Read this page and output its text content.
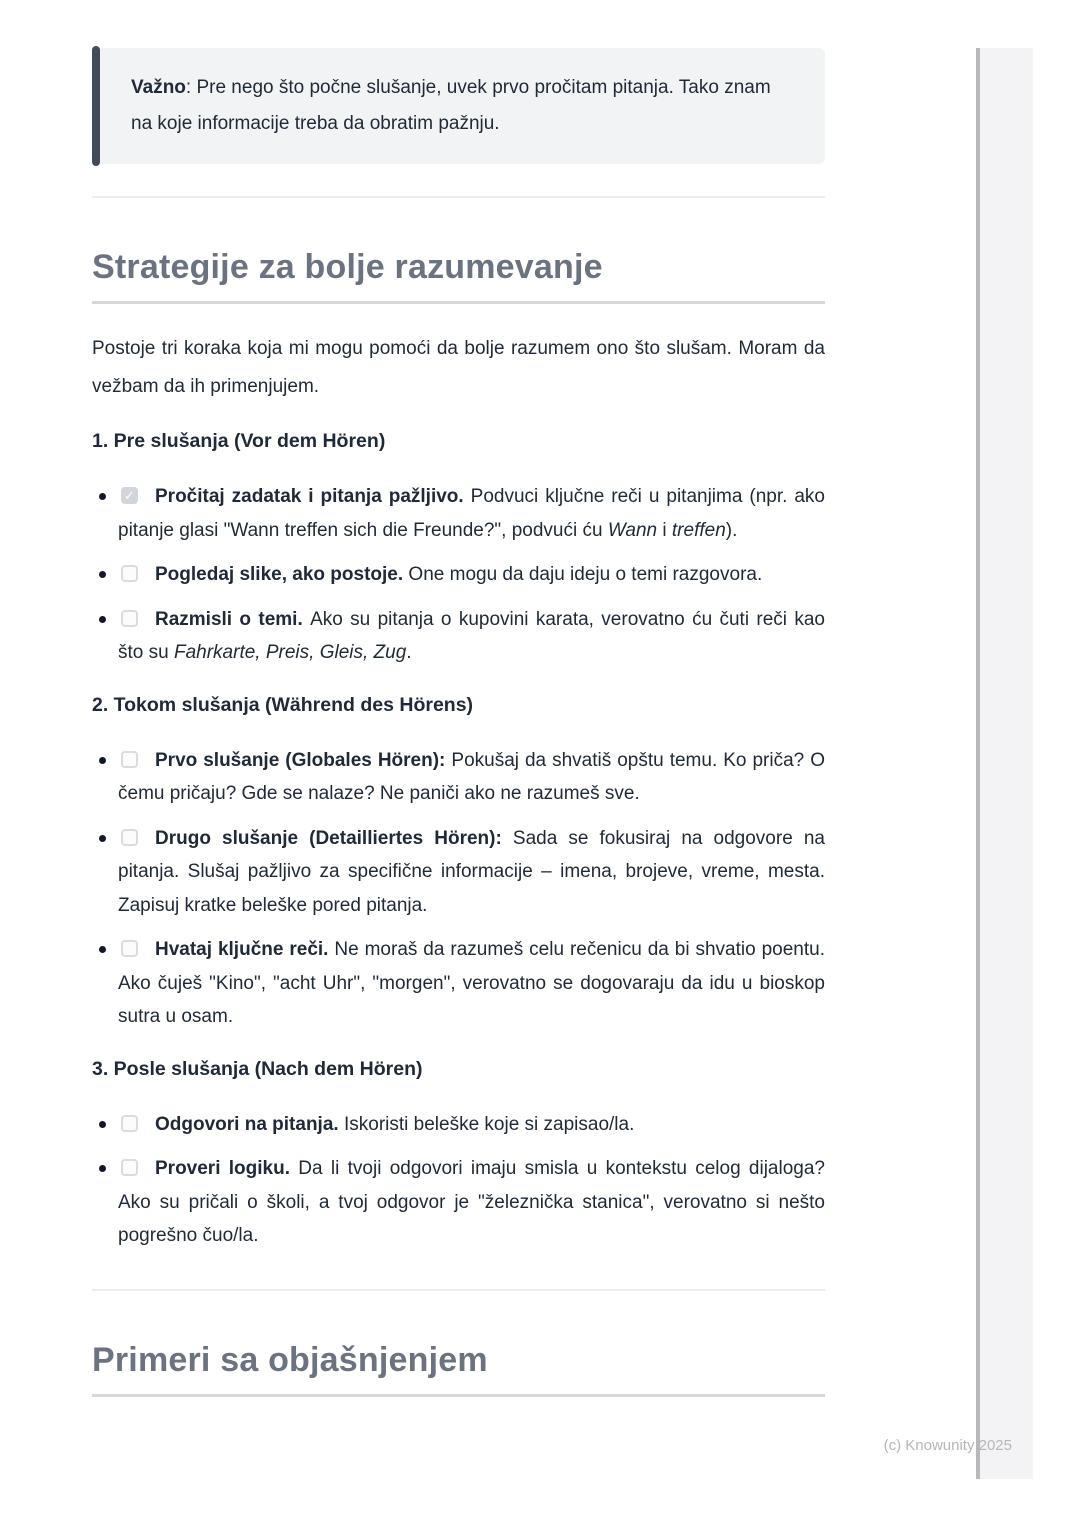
Važno: Pre nego što počne slušanje, uvek prvo pročitam pitanja. Tako znam na koje informacije treba da obratim pažnju.

Strategije za bolje razumevanje

Postoje tri koraka koja mi mogu pomoći da bolje razumem ono što slušam. Moram da vežbam da ih primenjujem.

1. Pre slušanja (Vor dem Hören)
✓Pročitaj zadatak i pitanja pažljivo. Podvuci ključne reči u pitanjima (npr. ako pitanje glasi "Wann treffen sich die Freunde?", podvući ću Wann i treffen).
Pogledaj slike, ako postoje. One mogu da daju ideju o temi razgovora.
Razmisli o temi. Ako su pitanja o kupovini karata, verovatno ću čuti reči kao što su Fahrkarte, Preis, Gleis, Zug.
2. Tokom slušanja (Während des Hörens)
Prvo slušanje (Globales Hören): Pokušaj da shvatiš opštu temu. Ko priča? O čemu pričaju? Gde se nalaze? Ne paniči ako ne razumeš sve.
Drugo slušanje (Detailliertes Hören): Sada se fokusiraj na odgovore na pitanja. Slušaj pažljivo za specifične informacije – imena, brojeve, vreme, mesta. Zapisuj kratke beleške pored pitanja.
Hvataj ključne reči. Ne moraš da razumeš celu rečenicu da bi shvatio poentu. Ako čuješ "Kino", "acht Uhr", "morgen", verovatno se dogovaraju da idu u bioskop sutra u osam.
3. Posle slušanja (Nach dem Hören)
Odgovori na pitanja. Iskoristi beleške koje si zapisao/la.
Proveri logiku. Da li tvoji odgovori imaju smisla u kontekstu celog dijaloga? Ako su pričali o školi, a tvoj odgovor je "železnička stanica", verovatno si nešto pogrešno čuo/la.
Primeri sa objašnjenjem
(c) Knowunity 2025
